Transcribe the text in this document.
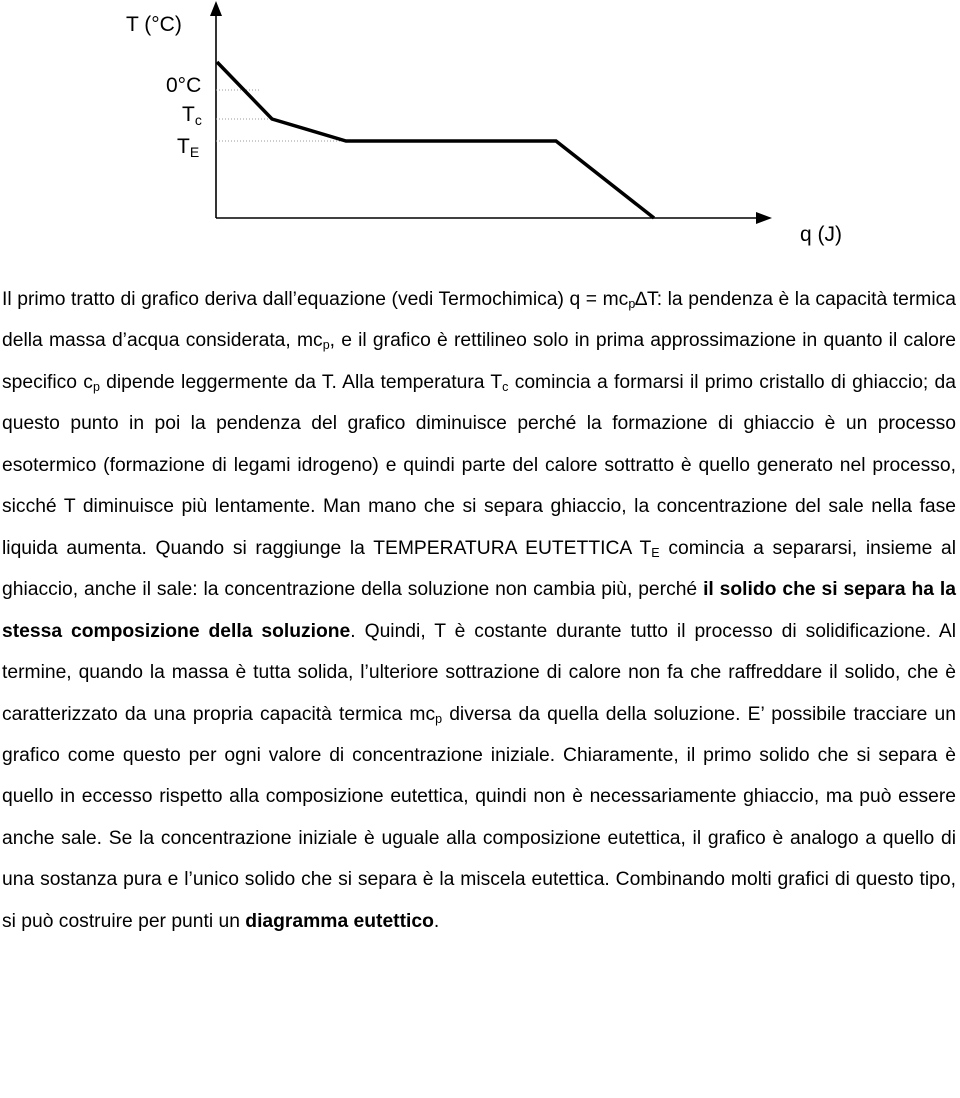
T (°C)
0°C
Tc
TE
q (J)

Il primo tratto di grafico deriva dall’equazione (vedi Termochimica) $q = mc_p\Delta T$: la pendenza è la capacità termica della massa d’acqua considerata, $mc_p$, e il grafico è rettilineo solo in prima approssimazione in quanto il calore specifico $c_p$ dipende leggermente da T. Alla temperatura $T_c$ comincia a formarsi il primo cristallo di ghiaccio; da questo punto in poi la pendenza del grafico diminuisce perché la formazione di ghiaccio è un processo esotermico (formazione di legami idrogeno) e quindi parte del calore sottratto è quello generato nel processo, sicché T diminuisce più lentamente. Man mano che si separa ghiaccio, la concentrazione del sale nella fase liquida aumenta. Quando si raggiunge la TEMPERATURA EUTETTICA $T_E$ comincia a separarsi, insieme al ghiaccio, anche il sale: la concentrazione della soluzione non cambia più, perché il solido che si separa ha la stessa composizione della soluzione. Quindi, T è costante durante tutto il processo di solidificazione. Al termine, quando la massa è tutta solida, l’ulteriore sottrazione di calore non fa che raffreddare il solido, che è caratterizzato da una propria capacità termica $mc_p$ diversa da quella della soluzione. E’ possibile tracciare un grafico come questo per ogni valore di concentrazione iniziale. Chiaramente, il primo solido che si separa è quello in eccesso rispetto alla composizione eutettica, quindi non è necessariamente ghiaccio, ma può essere anche sale. Se la concentrazione iniziale è uguale alla composizione eutettica, il grafico è analogo a quello di una sostanza pura e l’unico solido che si separa è la miscela eutettica. Combinando molti grafici di questo tipo, si può costruire per punti un diagramma eutettico.
